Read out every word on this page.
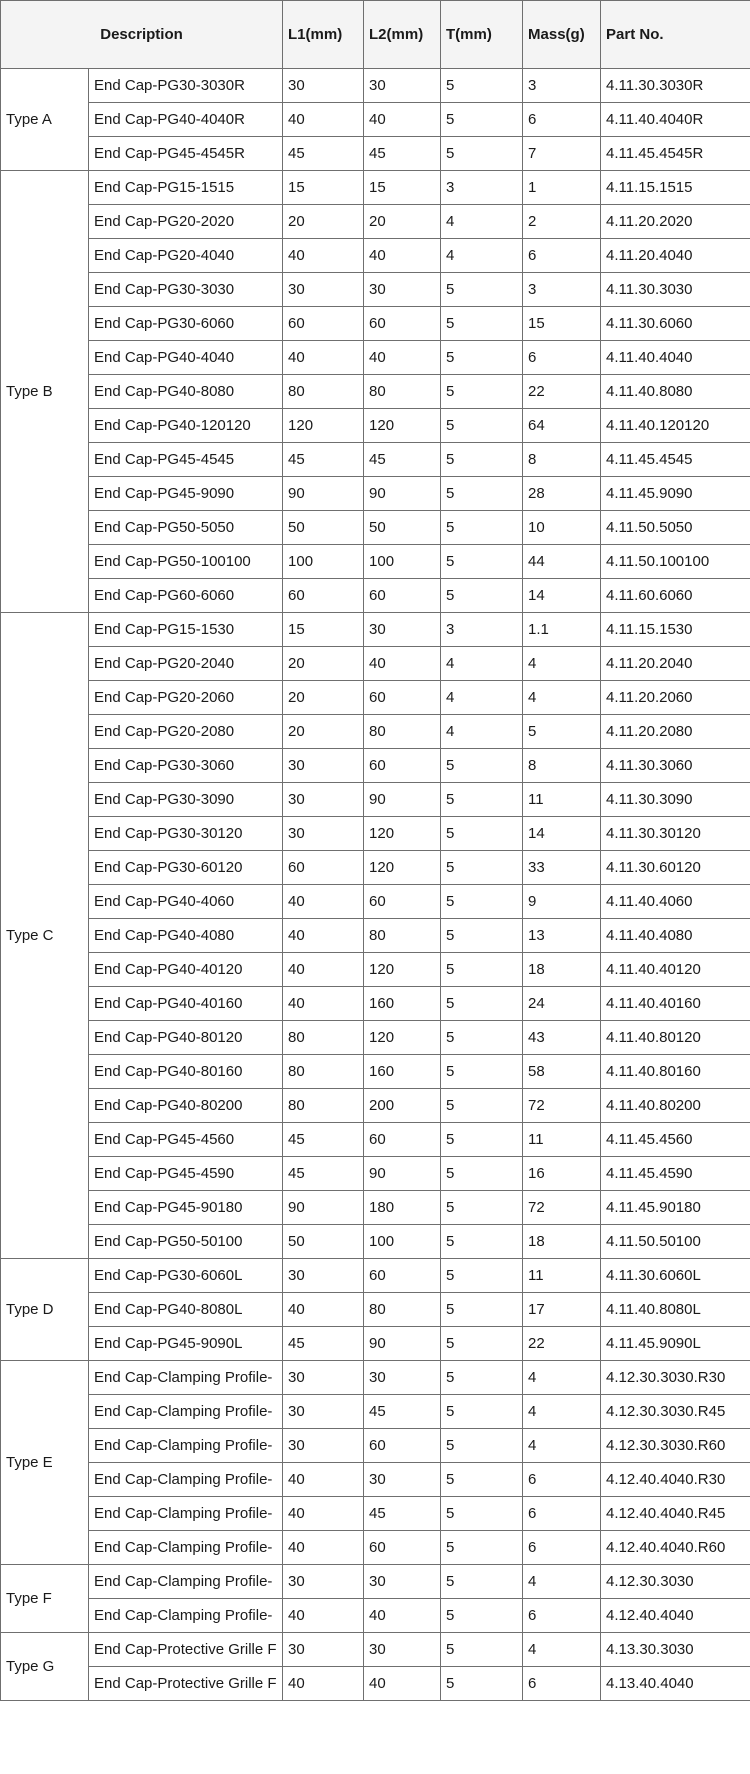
Description		L1(mm)	L2(mm)	T(mm)	Mass(g)	Part No.
Type A	End Cap-PG30-3030R	30	30	5	3	4.11.30.3030R
	End Cap-PG40-4040R	40	40	5	6	4.11.40.4040R
	End Cap-PG45-4545R	45	45	5	7	4.11.45.4545R
Type B	End Cap-PG15-1515	15	15	3	1	4.11.15.1515
	End Cap-PG20-2020	20	20	4	2	4.11.20.2020
	End Cap-PG20-4040	40	40	4	6	4.11.20.4040
	End Cap-PG30-3030	30	30	5	3	4.11.30.3030
	End Cap-PG30-6060	60	60	5	15	4.11.30.6060
	End Cap-PG40-4040	40	40	5	6	4.11.40.4040
	End Cap-PG40-8080	80	80	5	22	4.11.40.8080
	End Cap-PG40-120120	120	120	5	64	4.11.40.120120
	End Cap-PG45-4545	45	45	5	8	4.11.45.4545
	End Cap-PG45-9090	90	90	5	28	4.11.45.9090
	End Cap-PG50-5050	50	50	5	10	4.11.50.5050
	End Cap-PG50-100100	100	100	5	44	4.11.50.100100
	End Cap-PG60-6060	60	60	5	14	4.11.60.6060
Type C	End Cap-PG15-1530	15	30	3	1.1	4.11.15.1530
	End Cap-PG20-2040	20	40	4	4	4.11.20.2040
	End Cap-PG20-2060	20	60	4	4	4.11.20.2060
	End Cap-PG20-2080	20	80	4	5	4.11.20.2080
	End Cap-PG30-3060	30	60	5	8	4.11.30.3060
	End Cap-PG30-3090	30	90	5	11	4.11.30.3090
	End Cap-PG30-30120	30	120	5	14	4.11.30.30120
	End Cap-PG30-60120	60	120	5	33	4.11.30.60120
	End Cap-PG40-4060	40	60	5	9	4.11.40.4060
	End Cap-PG40-4080	40	80	5	13	4.11.40.4080
	End Cap-PG40-40120	40	120	5	18	4.11.40.40120
	End Cap-PG40-40160	40	160	5	24	4.11.40.40160
	End Cap-PG40-80120	80	120	5	43	4.11.40.80120
	End Cap-PG40-80160	80	160	5	58	4.11.40.80160
	End Cap-PG40-80200	80	200	5	72	4.11.40.80200
	End Cap-PG45-4560	45	60	5	11	4.11.45.4560
	End Cap-PG45-4590	45	90	5	16	4.11.45.4590
	End Cap-PG45-90180	90	180	5	72	4.11.45.90180
	End Cap-PG50-50100	50	100	5	18	4.11.50.50100
Type D	End Cap-PG30-6060L	30	60	5	11	4.11.30.6060L
	End Cap-PG40-8080L	40	80	5	17	4.11.40.8080L
	End Cap-PG45-9090L	45	90	5	22	4.11.45.9090L
Type E	End Cap-Clamping Profile-	30	30	5	4	4.12.30.3030.R30
	End Cap-Clamping Profile-	30	45	5	4	4.12.30.3030.R45
	End Cap-Clamping Profile-	30	60	5	4	4.12.30.3030.R60
	End Cap-Clamping Profile-	40	30	5	6	4.12.40.4040.R30
	End Cap-Clamping Profile-	40	45	5	6	4.12.40.4040.R45
	End Cap-Clamping Profile-	40	60	5	6	4.12.40.4040.R60
Type F	End Cap-Clamping Profile-	30	30	5	4	4.12.30.3030
	End Cap-Clamping Profile-	40	40	5	6	4.12.40.4040
Type G	End Cap-Protective Grille F	30	30	5	4	4.13.30.3030
	End Cap-Protective Grille F	40	40	5	6	4.13.40.4040
